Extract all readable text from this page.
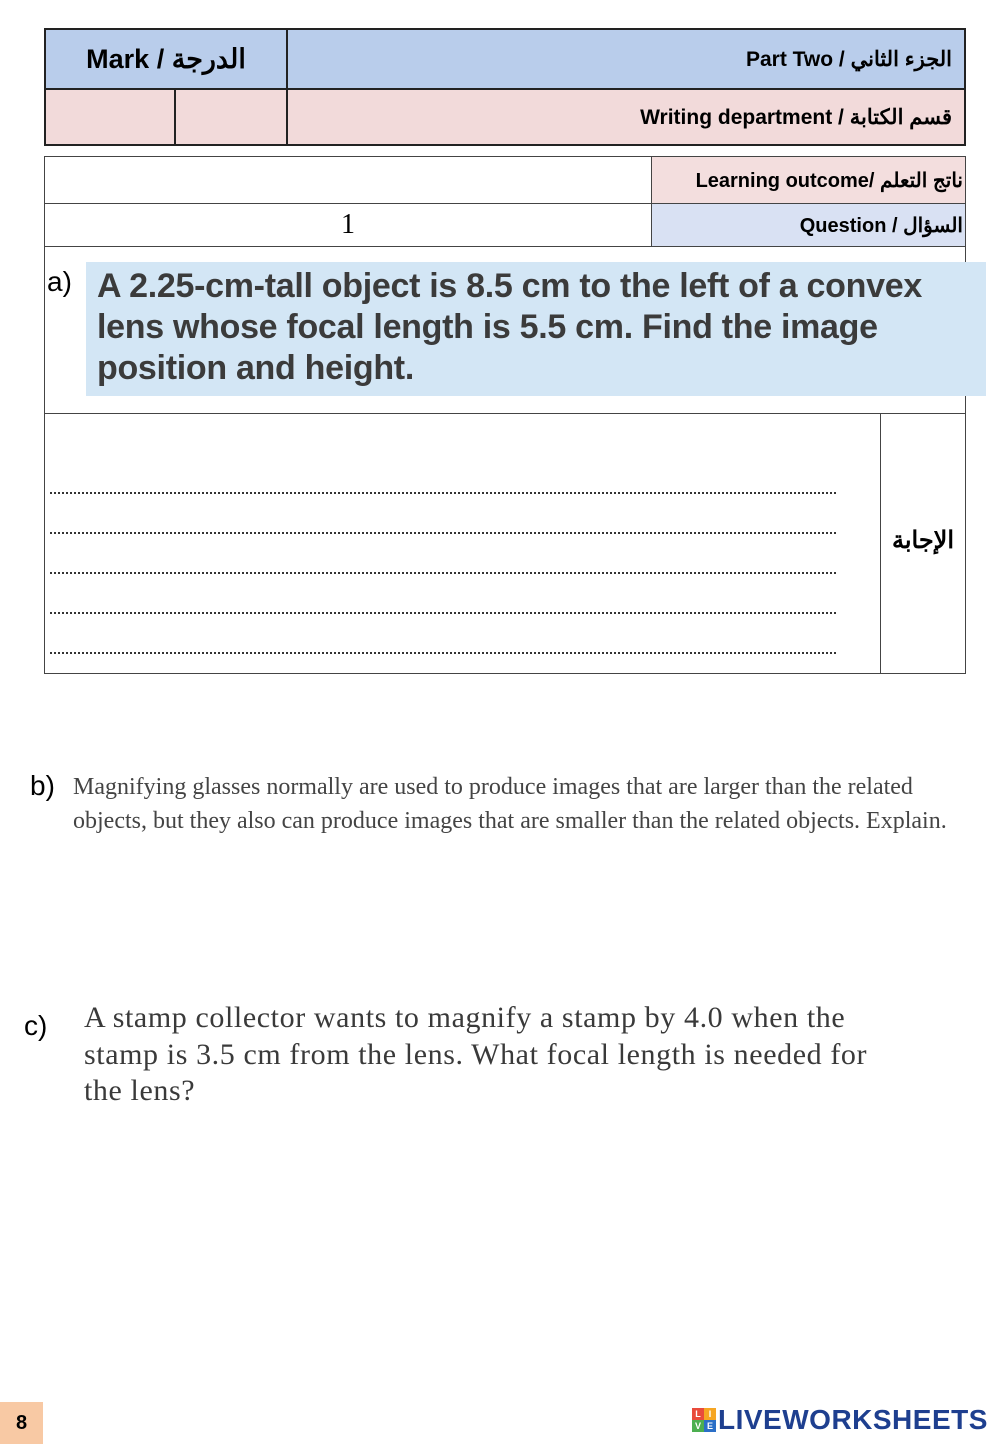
Mark / الدرجة		Part Two / الجزء الثاني
		Writing department / قسم الكتابة
	Learning outcome/ ناتج التعلم
1	Question / السؤال
a) A 2.25-cm-tall object is 8.5 cm to the left of a convex lens whose focal length is 5.5 cm. Find the image position and height.
الإجابة
b) Magnifying glasses normally are used to produce images that are larger than the related objects, but they also can produce images that are smaller than the related objects. Explain.
c) A stamp collector wants to magnify a stamp by 4.0 when the stamp is 3.5 cm from the lens. What focal length is needed for the lens?
8	L I
V E LIVEWORKSHEETS
